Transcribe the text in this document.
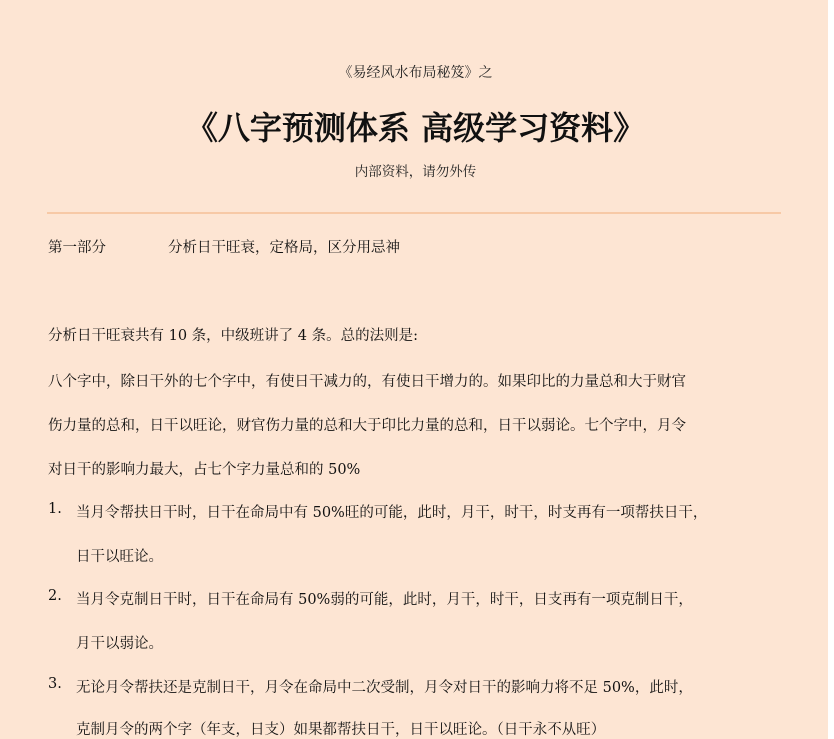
《易经风水布局秘笈》之
《八字预测体系 高级学习资料》
内部资料，请勿外传
第一部分	分析日干旺衰，定格局，区分用忌神
分析日干旺衰共有 10 条，中级班讲了 4 条。总的法则是:
八个字中，除日干外的七个字中，有使日干减力的，有使日干增力的。如果印比的力量总和大于财官
伤力量的总和，日干以旺论，财官伤力量的总和大于印比力量的总和，日干以弱论。七个字中，月令
对日干的影响力最大，占七个字力量总和的 50%
1. 当月令帮扶日干时，日干在命局中有 50%旺的可能，此时，月干，时干，时支再有一项帮扶日干，
日干以旺论。
2. 当月令克制日干时，日干在命局有 50%弱的可能，此时，月干，时干，日支再有一项克制日干，
月干以弱论。
3. 无论月令帮扶还是克制日干，月令在命局中二次受制，月令对日干的影响力将不足 50%，此时，
克制月令的两个字（年支，日支）如果都帮扶日干，日干以旺论。（日干永不从旺）
